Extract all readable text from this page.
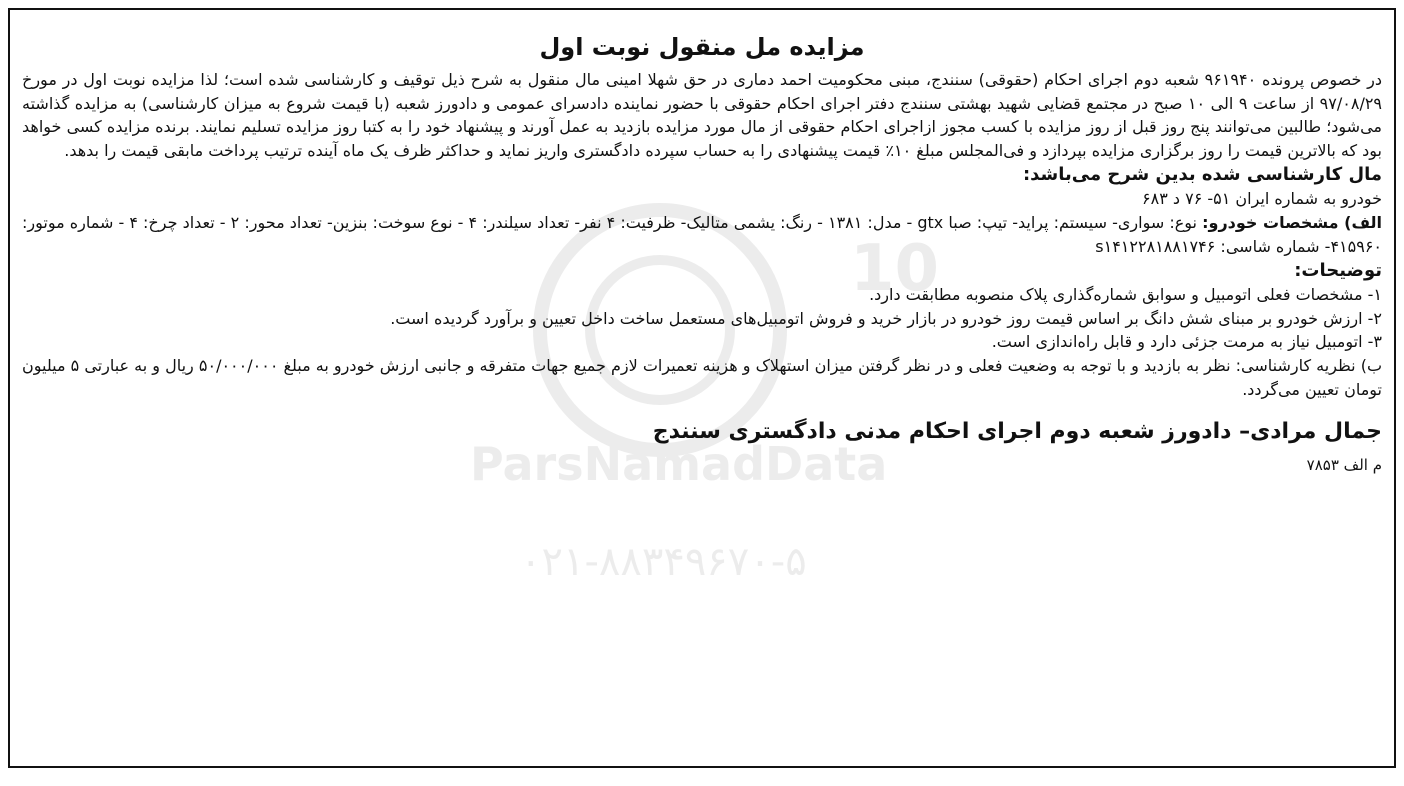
10
ParsNamadData
۰۲۱-۸۸۳۴۹۶۷۰-۵
مزایده مل منقول نوبت اول

در خصوص پرونده ۹۶۱۹۴۰ شعبه دوم اجرای احکام (حقوقی) سنندج، مبنی محکومیت احمد دماری در حق شهلا امینی مال منقول به شرح ذیل توقیف و کارشناسی شده است؛ لذا مزایده نوبت اول در مورخ ۹۷/۰۸/۲۹ از ساعت ۹ الی ۱۰ صبح در مجتمع قضایی شهید بهشتی سنندج دفتر اجرای احکام حقوقی با حضور نماینده دادسرای عمومی و دادورز شعبه (با قیمت شروع به میزان کارشناسی) به مزایده گذاشته می‌شود؛ طالبین می‌توانند پنج روز قبل از روز مزایده با کسب مجوز ازاجرای احکام حقوقی از مال مورد مزایده بازدید به عمل آورند و پیشنهاد خود را به کتبا روز مزایده تسلیم نمایند. برنده مزایده کسی خواهد بود که بالاترین قیمت را روز برگزاری مزایده بپردازد و فی‌المجلس مبلغ ۱۰٪ قیمت پیشنهادی را به حساب سپرده دادگستری واریز نماید و حداکثر ظرف یک ماه آینده ترتیب پرداخت مابقی قیمت را بدهد.

مال کارشناسی شده بدین شرح می‌باشد:

خودرو به شماره ایران ۵۱- ۷۶ د ۶۸۳

الف) مشخصات خودرو: نوع: سواری- سیستم: پراید- تیپ: صبا gtx - مدل: ۱۳۸۱ - رنگ: یشمی متالیک- ظرفیت: ۴ نفر- تعداد سیلندر: ۴ - نوع سوخت: بنزین- تعداد محور: ۲ - تعداد چرخ: ۴ - شماره موتور: ۴۱۵۹۶۰- شماره شاسی: s۱۴۱۲۲۸۱۸۸۱۷۴۶

توضیحات:

۱- مشخصات فعلی اتومبیل و سوابق شماره‌گذاری پلاک منصوبه مطابقت دارد.

۲- ارزش خودرو بر مبنای شش دانگ بر اساس قیمت روز خودرو در بازار خرید و فروش اتومبیل‌های مستعمل ساخت داخل تعیین و برآورد گردیده است.

۳- اتومبیل نیاز به مرمت جزئی دارد و قابل راه‌اندازی است.

ب) نظریه کارشناسی: نظر به بازدید و با توجه به وضعیت فعلی و در نظر گرفتن میزان استهلاک و هزینه تعمیرات لازم جمیع جهات متفرقه و جانبی ارزش خودرو به مبلغ ۵۰/۰۰۰/۰۰۰ ریال و به عبارتی ۵ میلیون تومان تعیین می‌گردد.

جمال مرادی– دادورز شعبه دوم اجرای احکام مدنی دادگستری سنندج
م الف ۷۸۵۳
